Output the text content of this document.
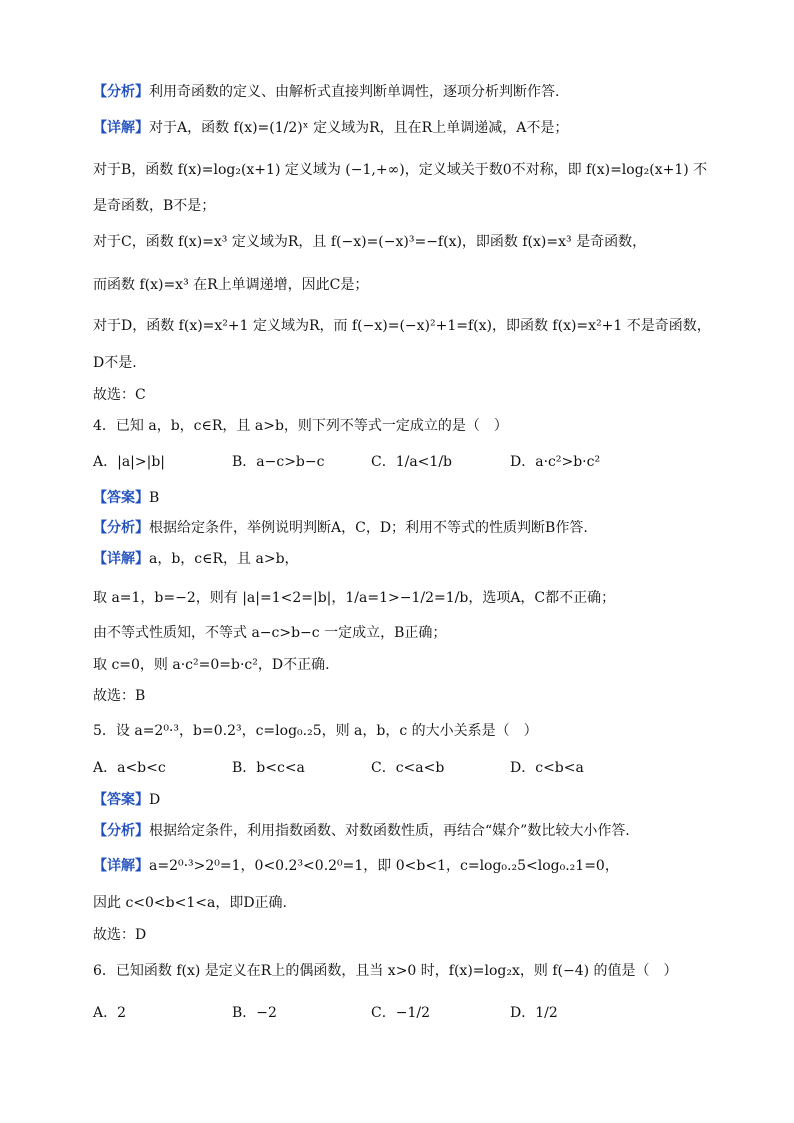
【分析】利用奇函数的定义、由解析式直接判断单调性，逐项分析判断作答.
【详解】对于A，函数 f(x)=(1/2)ˣ 定义域为R，且在R上单调递减，A不是；
对于B，函数 f(x)=log₂(x+1) 定义域为 (−1,+∞)，定义域关于数0不对称，即 f(x)=log₂(x+1) 不
是奇函数，B不是；
对于C，函数 f(x)=x³ 定义域为R，且 f(−x)=(−x)³=−f(x)，即函数 f(x)=x³ 是奇函数，
而函数 f(x)=x³ 在R上单调递增，因此C是；
对于D，函数 f(x)=x²+1 定义域为R，而 f(−x)=(−x)²+1=f(x)，即函数 f(x)=x²+1 不是奇函数，
D不是.
故选：C
4．已知 a，b，c∈R，且 a>b，则下列不等式一定成立的是（　）
A．|a|>|b|	B．a−c>b−c	C．1/a<1/b	D．a·c²>b·c²
【答案】B
【分析】根据给定条件，举例说明判断A，C，D；利用不等式的性质判断B作答.
【详解】a，b，c∈R，且 a>b，
取 a=1，b=−2，则有 |a|=1<2=|b|，1/a=1>−1/2=1/b，选项A，C都不正确；
由不等式性质知，不等式 a−c>b−c 一定成立，B正确；
取 c=0，则 a·c²=0=b·c²，D不正确.
故选：B
5．设 a=2⁰·³，b=0.2³，c=log₀.₂5，则 a，b，c 的大小关系是（　）
A．a<b<c	B．b<c<a	C．c<a<b	D．c<b<a
【答案】D
【分析】根据给定条件，利用指数函数、对数函数性质，再结合“媒介”数比较大小作答.
【详解】a=2⁰·³>2⁰=1，0<0.2³<0.2⁰=1，即 0<b<1，c=log₀.₂5<log₀.₂1=0，
因此 c<0<b<1<a，即D正确.
故选：D
6．已知函数 f(x) 是定义在R上的偶函数，且当 x>0 时，f(x)=log₂x，则 f(−4) 的值是（　）
A．2	B．−2	C．−1/2	D．1/2
